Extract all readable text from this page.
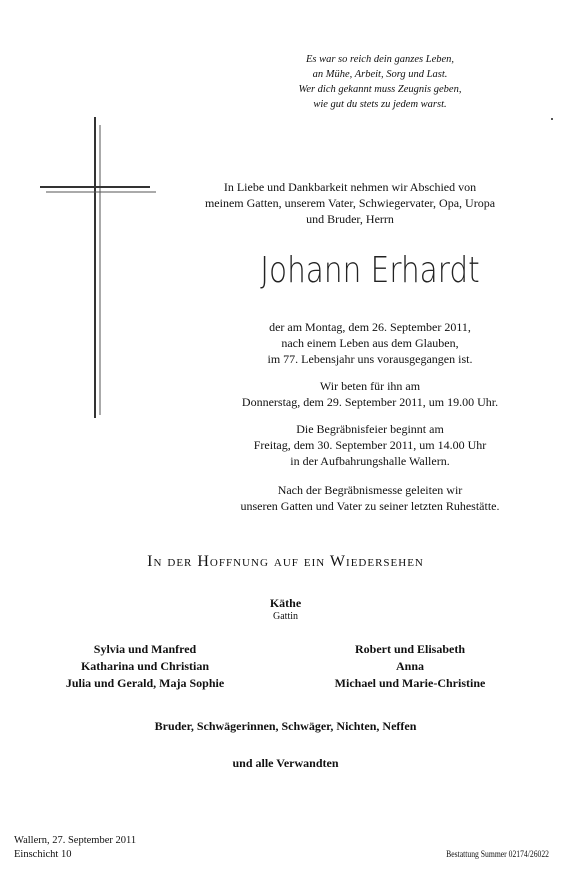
Es war so reich dein ganzes Leben,
an Mühe, Arbeit, Sorg und Last.
Wer dich gekannt muss Zeugnis geben,
wie gut du stets zu jedem warst.
In Liebe und Dankbarkeit nehmen wir Abschied von
meinem Gatten, unserem Vater, Schwiegervater, Opa, Uropa
und Bruder, Herrn
Johann Erhardt
der am Montag, dem 26. September 2011,
nach einem Leben aus dem Glauben,
im 77. Lebensjahr uns vorausgegangen ist.
Wir beten für ihn am
Donnerstag, dem 29. September 2011, um 19.00 Uhr.
Die Begräbnisfeier beginnt am
Freitag, dem 30. September 2011, um 14.00 Uhr
in der Aufbahrungshalle Wallern.
Nach der Begräbnismesse geleiten wir
unseren Gatten und Vater zu seiner letzten Ruhestätte.
In der Hoffnung auf ein Wiedersehen
Käthe
Gattin
Sylvia und Manfred
Katharina und Christian
Julia und Gerald, Maja Sophie
Robert und Elisabeth
Anna
Michael und Marie-Christine
Bruder, Schwägerinnen, Schwäger, Nichten, Neffen
und alle Verwandten
Wallern, 27. September 2011
Einschicht 10	Bestattung Summer 02174/26022
